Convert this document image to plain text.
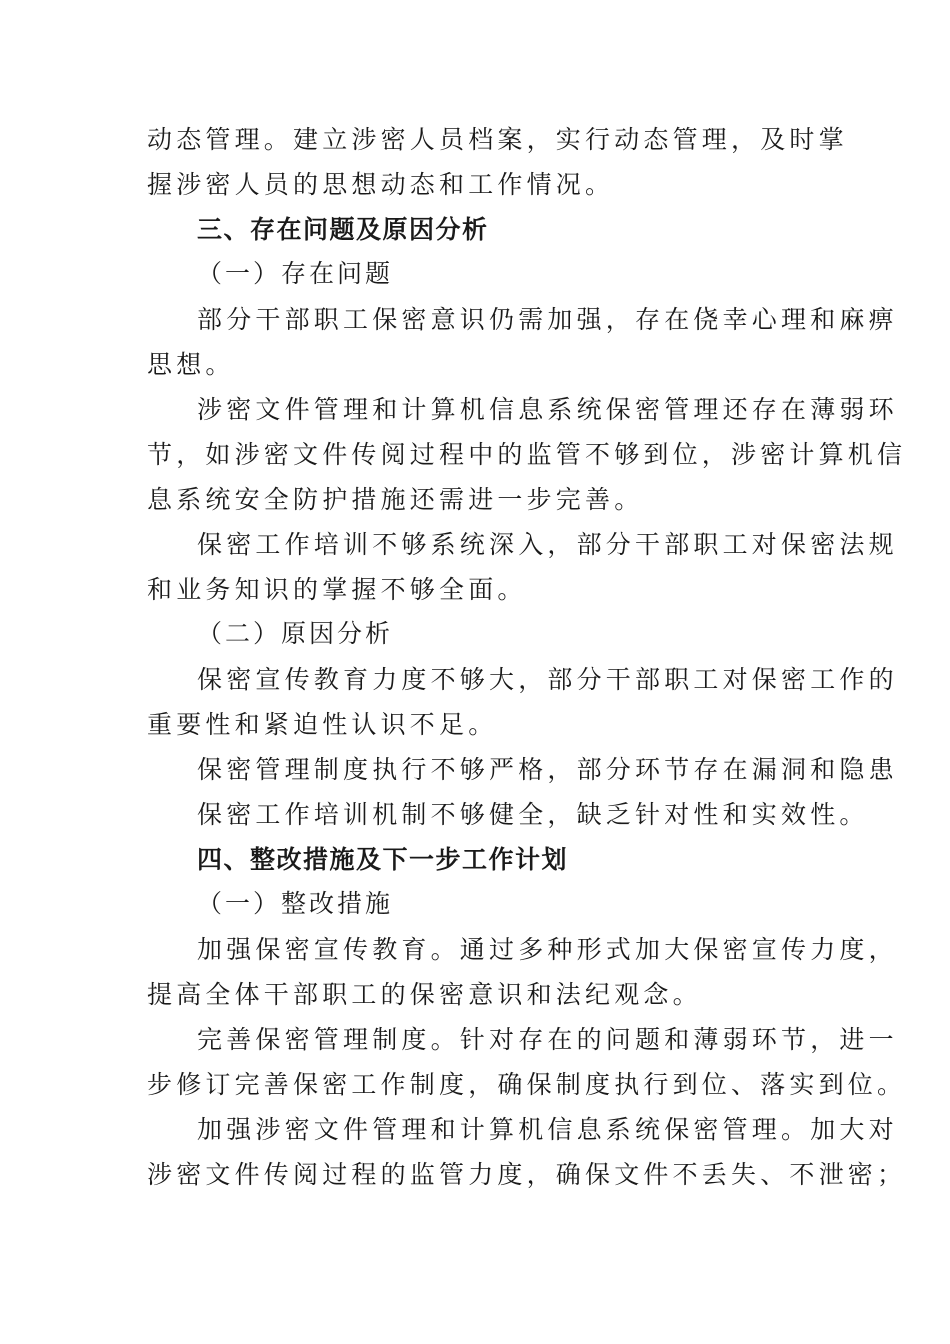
动态管理。建立涉密人员档案，实行动态管理，及时掌
握涉密人员的思想动态和工作情况。
三、存在问题及原因分析
（一）存在问题
部分干部职工保密意识仍需加强，存在侥幸心理和麻痹
思想。
涉密文件管理和计算机信息系统保密管理还存在薄弱环
节，如涉密文件传阅过程中的监管不够到位，涉密计算机信
息系统安全防护措施还需进一步完善。
保密工作培训不够系统深入，部分干部职工对保密法规
和业务知识的掌握不够全面。
（二）原因分析
保密宣传教育力度不够大，部分干部职工对保密工作的
重要性和紧迫性认识不足。
保密管理制度执行不够严格，部分环节存在漏洞和隐患
保密工作培训机制不够健全，缺乏针对性和实效性。
四、整改措施及下一步工作计划
（一）整改措施
加强保密宣传教育。通过多种形式加大保密宣传力度，
提高全体干部职工的保密意识和法纪观念。
完善保密管理制度。针对存在的问题和薄弱环节，进一
步修订完善保密工作制度，确保制度执行到位、落实到位。
加强涉密文件管理和计算机信息系统保密管理。加大对
涉密文件传阅过程的监管力度，确保文件不丢失、不泄密；
